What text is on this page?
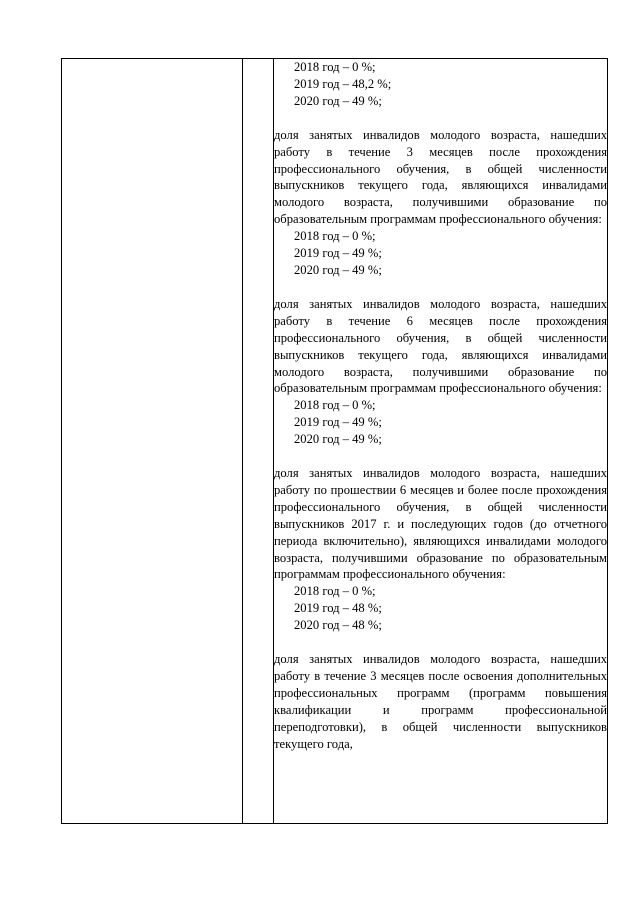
2018 год – 0 %;

2019 год – 48,2 %;

2020 год – 49 %;

доля занятых инвалидов молодого возраста, нашедших работу в течение 3 месяцев после прохождения профессионального обучения, в общей численности выпускников текущего года, являющихся инвалидами молодого возраста, получившими образование по образовательным программам профессионального обучения:

2018 год – 0 %;

2019 год – 49 %;

2020 год – 49 %;

доля занятых инвалидов молодого возраста, нашедших работу в течение 6 месяцев после прохождения профессионального обучения, в общей численности выпускников текущего года, являющихся инвалидами молодого возраста, получившими образование по образовательным программам профессионального обучения:

2018 год – 0 %;

2019 год – 49 %;

2020 год – 49 %;

доля занятых инвалидов молодого возраста, нашедших работу по прошествии 6 месяцев и более после прохождения профессионального обучения, в общей численности выпускников 2017 г. и последующих годов (до отчетного периода включительно), являющихся инвалидами молодого возраста, получившими образование по образовательным программам профессионального обучения:

2018 год – 0 %;

2019 год – 48 %;

2020 год – 48 %;

доля занятых инвалидов молодого возраста, нашедших работу в течение 3 месяцев после освоения дополнительных профессиональных программ (программ повышения квалификации и программ профессиональной переподготовки), в общей численности выпускников текущего года,
